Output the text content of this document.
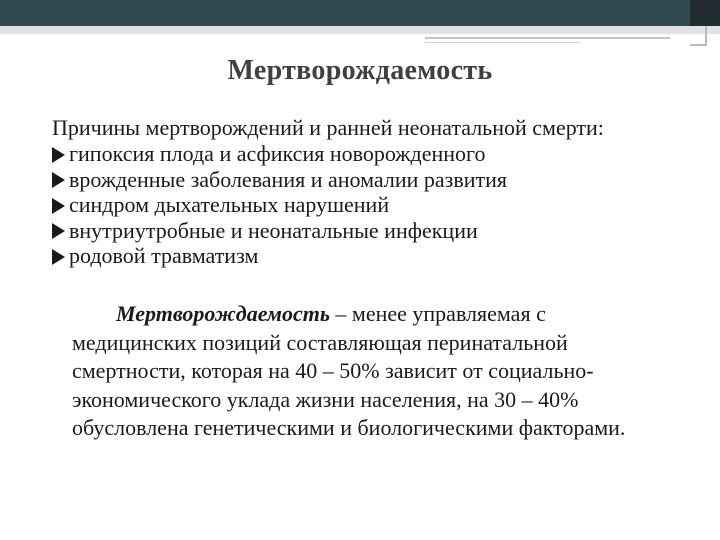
Мертворождаемость
Причины мертворождений и ранней неонатальной смерти:
гипоксия плода и асфиксия новорожденного
врожденные заболевания и аномалии развития
синдром дыхательных нарушений
внутриутробные и неонатальные инфекции
родовой травматизм
Мертворождаемость – менее управляемая с
медицинских позиций составляющая перинатальной
смертности, которая на 40 – 50% зависит от социально-
экономического уклада жизни населения, на 30 – 40%
обусловлена генетическими и биологическими факторами.
